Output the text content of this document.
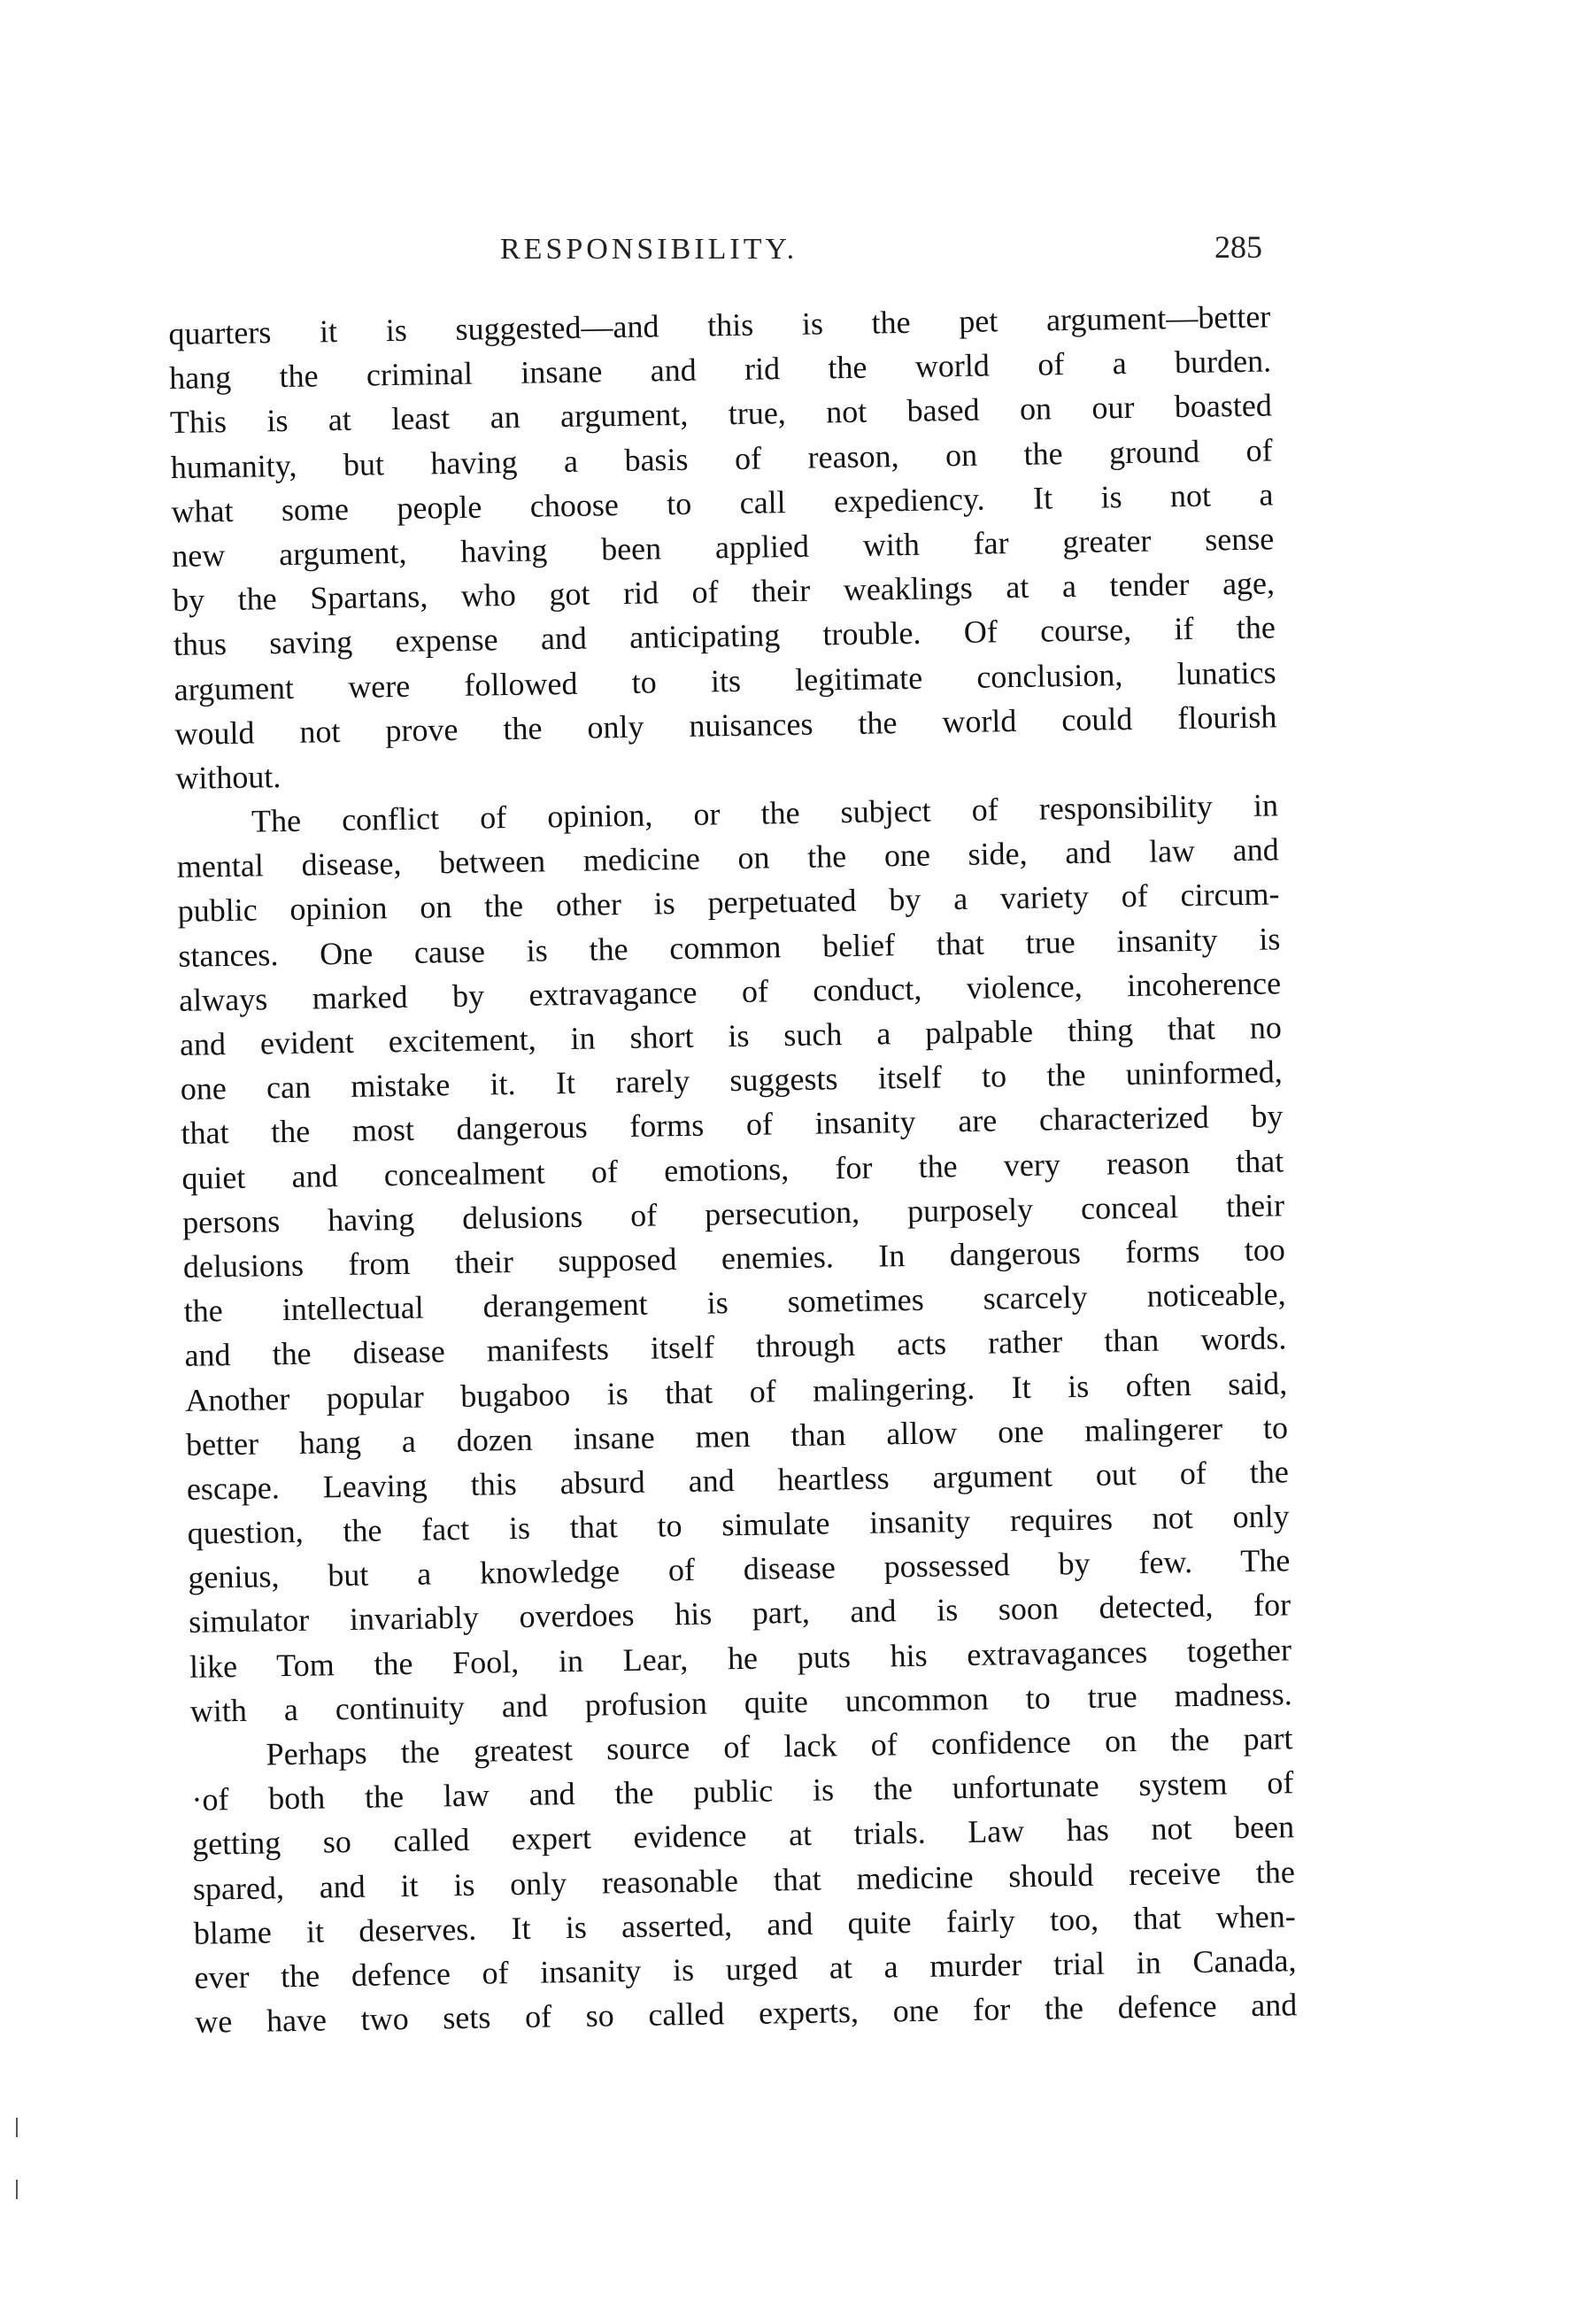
RESPONSIBILITY.	285
quarters it is suggested—and this is the pet argument—better
hang the criminal insane and rid the world of a burden.
This is at least an argument, true, not based on our boasted
humanity, but having a basis of reason, on the ground of
what some people choose to call expediency. It is not a
new argument, having been applied with far greater sense
by the Spartans, who got rid of their weaklings at a tender age,
thus saving expense and anticipating trouble. Of course, if the
argument were followed to its legitimate conclusion, lunatics
would not prove the only nuisances the world could flourish
without.
The conflict of opinion, or the subject of responsibility in
mental disease, between medicine on the one side, and law and
public opinion on the other is perpetuated by a variety of circum-
stances. One cause is the common belief that true insanity is
always marked by extravagance of conduct, violence, incoherence
and evident excitement, in short is such a palpable thing that no
one can mistake it. It rarely suggests itself to the uninformed,
that the most dangerous forms of insanity are characterized by
quiet and concealment of emotions, for the very reason that
persons having delusions of persecution, purposely conceal their
delusions from their supposed enemies. In dangerous forms too
the intellectual derangement is sometimes scarcely noticeable,
and the disease manifests itself through acts rather than words.
Another popular bugaboo is that of malingering. It is often said,
better hang a dozen insane men than allow one malingerer to
escape. Leaving this absurd and heartless argument out of the
question, the fact is that to simulate insanity requires not only
genius, but a knowledge of disease possessed by few. The
simulator invariably overdoes his part, and is soon detected, for
like Tom the Fool, in Lear, he puts his extravagances together
with a continuity and profusion quite uncommon to true madness.
Perhaps the greatest source of lack of confidence on the part
·of both the law and the public is the unfortunate system of
getting so called expert evidence at trials. Law has not been
spared, and it is only reasonable that medicine should receive the
blame it deserves. It is asserted, and quite fairly too, that when-
ever the defence of insanity is urged at a murder trial in Canada,
we have two sets of so called experts, one for the defence and
